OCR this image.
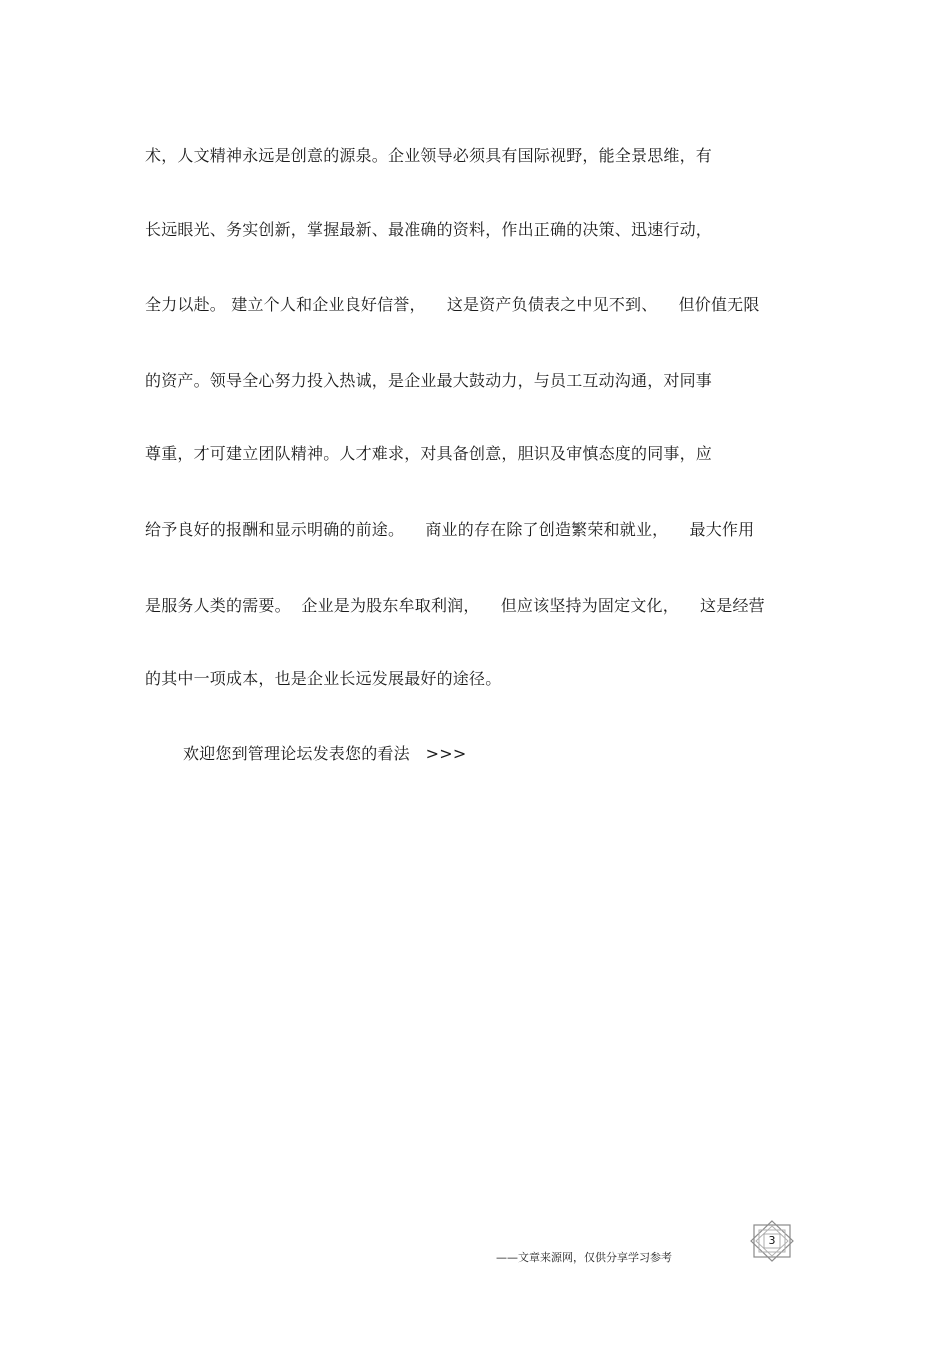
术，人文精神永远是创意的源泉。企业领导必须具有国际视野，能全景思维，有
长远眼光、务实创新，掌握最新、最准确的资料，作出正确的决策、迅速行动，
全力以赴。 建立个人和企业良好信誉，    这是资产负债表之中见不到、    但价值无限
的资产。领导全心努力投入热诚，是企业最大鼓动力，与员工互动沟通，对同事
尊重，才可建立团队精神。人才难求，对具备创意，胆识及审慎态度的同事，应
给予良好的报酬和显示明确的前途。    商业的存在除了创造繁荣和就业，    最大作用
是服务人类的需要。  企业是为股东牟取利润，    但应该坚持为固定文化，    这是经营
的其中一项成本，也是企业长远发展最好的途径。
欢迎您到管理论坛发表您的看法   >>>
——文章来源网，仅供分享学习参考
3
